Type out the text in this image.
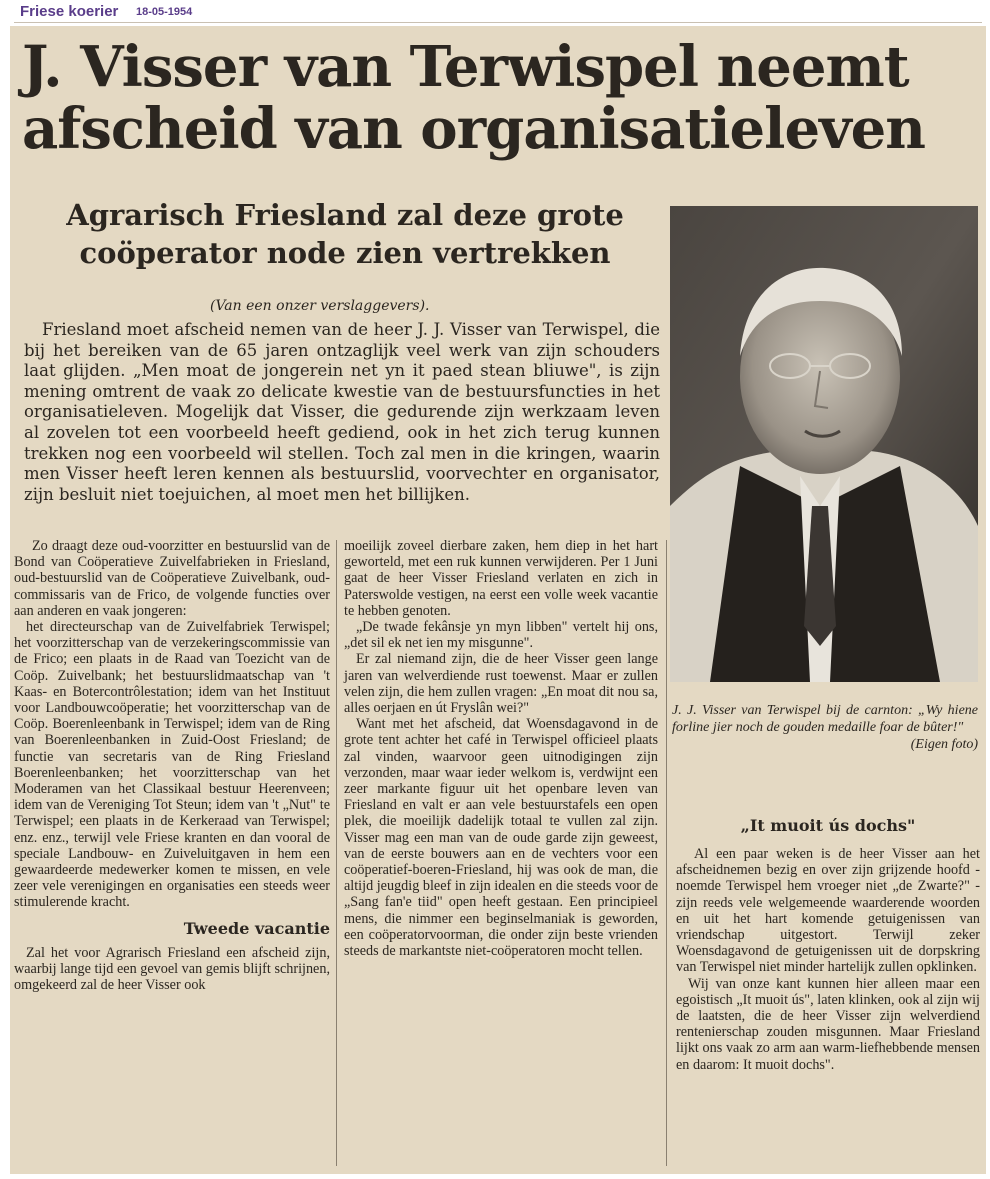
Friese koerier 18-05-1954
J. Visser van Terwispel neemt afscheid van organisatieleven
Agrarisch Friesland zal deze grote coöperator node zien vertrekken
(Van een onzer verslaggevers).

Friesland moet afscheid nemen van de heer J. J. Visser van Terwispel, die bij het bereiken van de 65 jaren ontzaglijk veel werk van zijn schouders laat glijden. „Men moat de jongerein net yn it paed stean bliuwe", is zijn mening omtrent de vaak zo delicate kwestie van de bestuursfuncties in het organisatieleven. Mogelijk dat Visser, die gedurende zijn werkzaam leven al zovelen tot een voorbeeld heeft gediend, ook in het zich terug kunnen trekken nog een voorbeeld wil stellen. Toch zal men in die kringen, waarin men Visser heeft leren kennen als bestuurslid, voorvechter en organisator, zijn besluit niet toejuichen, al moet men het billijken.

Zo draagt deze oud-voorzitter en bestuurslid van de Bond van Coöperatieve Zuivelfabrieken in Friesland, oud-bestuurslid van de Coöperatieve Zuivelbank, oud-commissaris van de Frico, de volgende functies over aan anderen en vaak jongeren:

het directeurschap van de Zuivelfabriek Terwispel; het voorzitterschap van de verzekeringscommissie van de Frico; een plaats in de Raad van Toezicht van de Coöp. Zuivelbank; het bestuurslidmaatschap van 't Kaas- en Botercontrôlestation; idem van het Instituut voor Landbouwcoöperatie; het voorzitterschap van de Coöp. Boerenleenbank in Terwispel; idem van de Ring van Boerenleenbanken in Zuid-Oost Friesland; de functie van secretaris van de Ring Friesland Boerenleenbanken; het voorzitterschap van het Moderamen van het Classikaal bestuur Heerenveen; idem van de Vereniging Tot Steun; idem van 't „Nut" te Terwispel; een plaats in de Kerkeraad van Terwispel; enz. enz., terwijl vele Friese kranten en dan vooral de speciale Landbouw- en Zuiveluitgaven in hem een gewaardeerde medewerker komen te missen, en vele zeer vele verenigingen en organisaties een steeds weer stimulerende kracht.

Tweede vacantie

Zal het voor Agrarisch Friesland een afscheid zijn, waarbij lange tijd een gevoel van gemis blijft schrijnen, omgekeerd zal de heer Visser ook

moeilijk zoveel dierbare zaken, hem diep in het hart geworteld, met een ruk kunnen verwijderen. Per 1 Juni gaat de heer Visser Friesland verlaten en zich in Paterswolde vestigen, na eerst een volle week vacantie te hebben genoten.

„De twade fekânsje yn myn libben" vertelt hij ons, „det sil ek net ien my misgunne".

Er zal niemand zijn, die de heer Visser geen lange jaren van welverdiende rust toewenst. Maar er zullen velen zijn, die hem zullen vragen: „En moat dit nou sa, alles oerjaen en út Fryslân wei?"

Want met het afscheid, dat Woensdagavond in de grote tent achter het café in Terwispel officieel plaats zal vinden, waarvoor geen uitnodigingen zijn verzonden, maar waar ieder welkom is, verdwijnt een zeer markante figuur uit het openbare leven van Friesland en valt er aan vele bestuurstafels een open plek, die moeilijk dadelijk totaal te vullen zal zijn. Visser mag een man van de oude garde zijn geweest, van de eerste bouwers aan en de vechters voor een coöperatief-boeren-Friesland, hij was ook de man, die altijd jeugdig bleef in zijn idealen en die steeds voor de „Sang fan'e tiid" open heeft gestaan. Een principieel mens, die nimmer een beginselmaniak is geworden, een coöperatorvoorman, die onder zijn beste vrienden steeds de markantste niet-coöperatoren mocht tellen.

J. J. Visser van Terwispel bij de carnton: „Wy hiene forline jier noch de gouden medaille foar de bûter!"
(Eigen foto)

„It muoit ús dochs"

Al een paar weken is de heer Visser aan het afscheidnemen bezig en over zijn grijzende hoofd - noemde Terwispel hem vroeger niet „de Zwarte?" - zijn reeds vele welgemeende waarderende woorden en uit het hart komende getuigenissen van vriendschap uitgestort. Terwijl zeker Woensdagavond de getuigenissen uit de dorpskring van Terwispel niet minder hartelijk zullen opklinken.

Wij van onze kant kunnen hier alleen maar een egoistisch „It muoit ús", laten klinken, ook al zijn wij de laatsten, die de heer Visser zijn welverdiend rentenierschap zouden misgunnen. Maar Friesland lijkt ons vaak zo arm aan warm-liefhebbende mensen en daarom: It muoit dochs".
